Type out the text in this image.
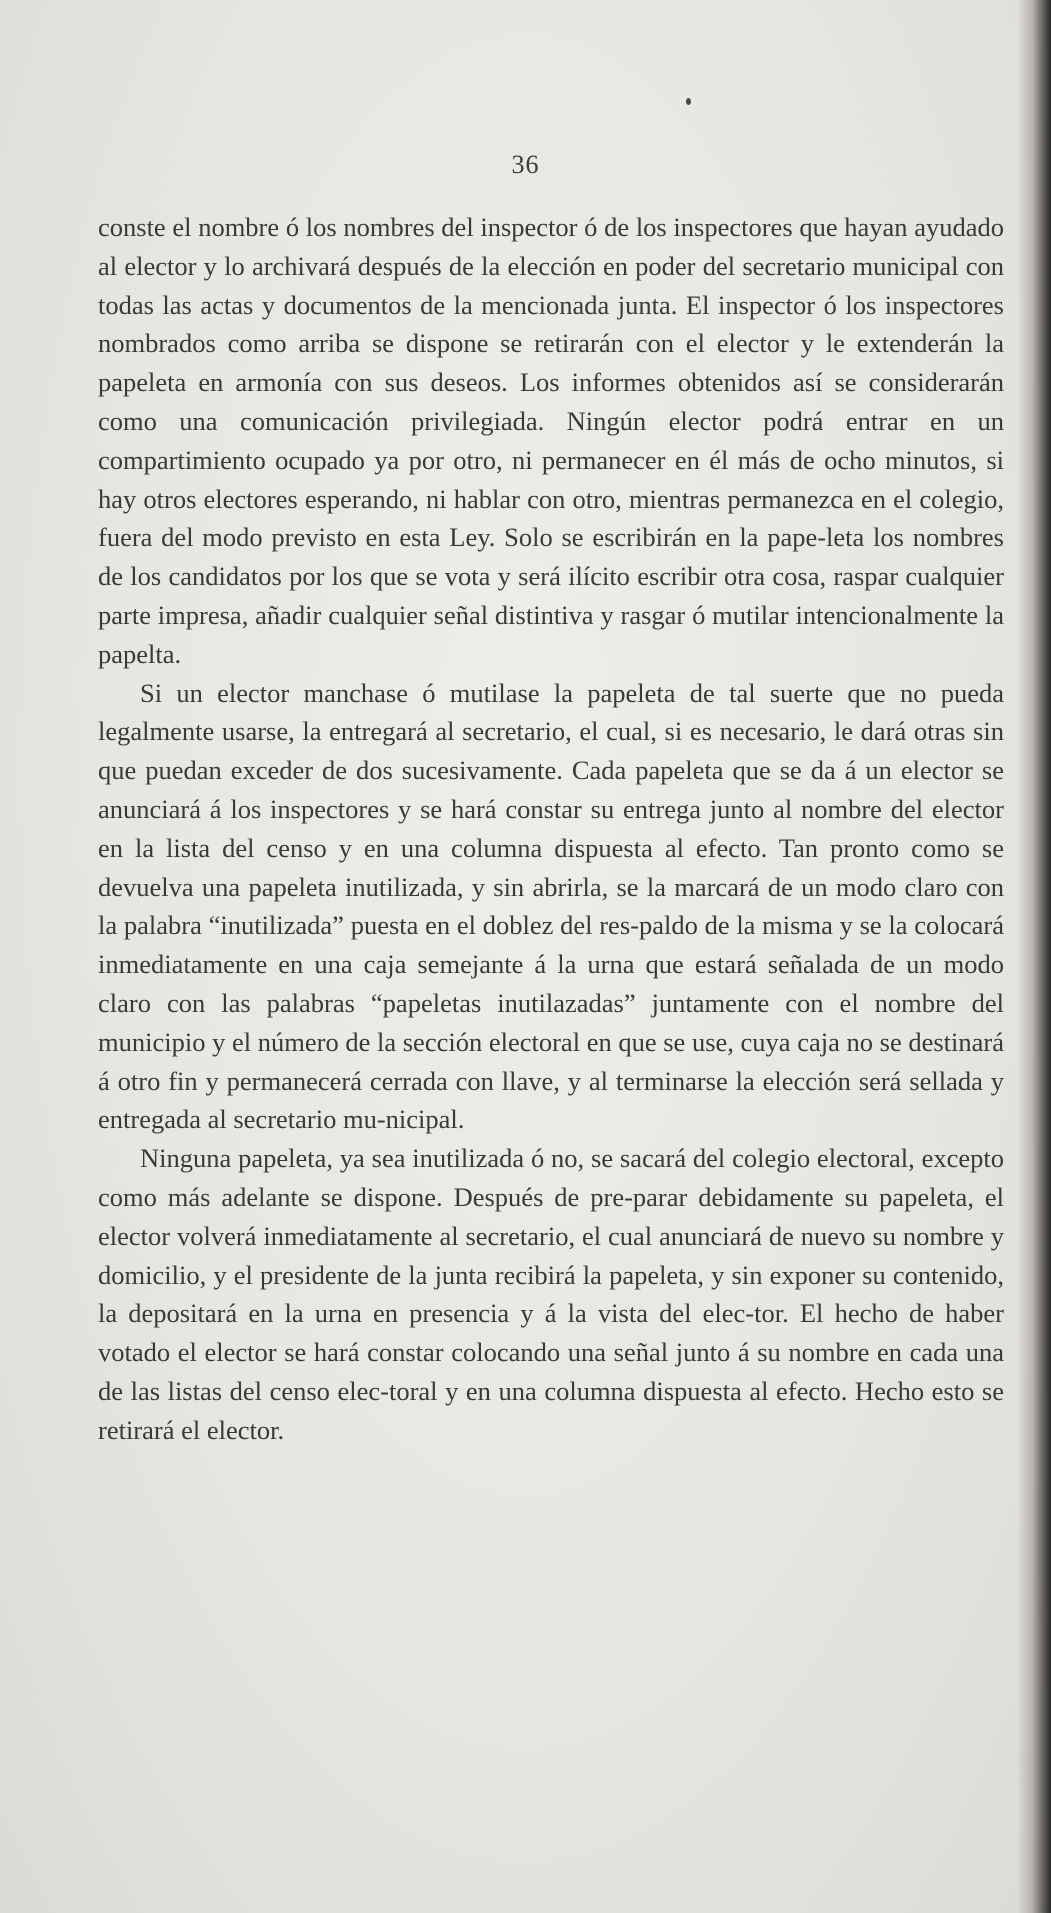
36

conste el nombre ó los nombres del inspector ó de los inspectores que hayan ayudado al elector y lo archivará después de la elección en poder del secretario municipal con todas las actas y documentos de la mencionada junta. El inspector ó los inspectores nombrados como arriba se dispone se retirarán con el elector y le extenderán la papeleta en armonía con sus deseos. Los informes obtenidos así se considerarán como una comunicación privilegiada. Ningún elector podrá entrar en un compartimiento ocupado ya por otro, ni permanecer en él más de ocho minutos, si hay otros electores esperando, ni hablar con otro, mientras permanezca en el colegio, fuera del modo previsto en esta Ley. Solo se escribirán en la pape-leta los nombres de los candidatos por los que se vota y será ilícito escribir otra cosa, raspar cualquier parte impresa, añadir cualquier señal distintiva y rasgar ó mutilar intencionalmente la papelta.

Si un elector manchase ó mutilase la papeleta de tal suerte que no pueda legalmente usarse, la entregará al secretario, el cual, si es necesario, le dará otras sin que puedan exceder de dos sucesivamente. Cada papeleta que se da á un elector se anunciará á los inspectores y se hará constar su entrega junto al nombre del elector en la lista del censo y en una columna dispuesta al efecto. Tan pronto como se devuelva una papeleta inutilizada, y sin abrirla, se la marcará de un modo claro con la palabra “inutilizada” puesta en el doblez del res-paldo de la misma y se la colocará inmediatamente en una caja semejante á la urna que estará señalada de un modo claro con las palabras “papeletas inutilazadas” juntamente con el nombre del municipio y el número de la sección electoral en que se use, cuya caja no se destinará á otro fin y permanecerá cerrada con llave, y al terminarse la elección será sellada y entregada al secretario mu-nicipal.

Ninguna papeleta, ya sea inutilizada ó no, se sacará del colegio electoral, excepto como más adelante se dispone. Después de pre-parar debidamente su papeleta, el elector volverá inmediatamente al secretario, el cual anunciará de nuevo su nombre y domicilio, y el presidente de la junta recibirá la papeleta, y sin exponer su contenido, la depositará en la urna en presencia y á la vista del elec-tor. El hecho de haber votado el elector se hará constar colocando una señal junto á su nombre en cada una de las listas del censo elec-toral y en una columna dispuesta al efecto. Hecho esto se retirará el elector.
